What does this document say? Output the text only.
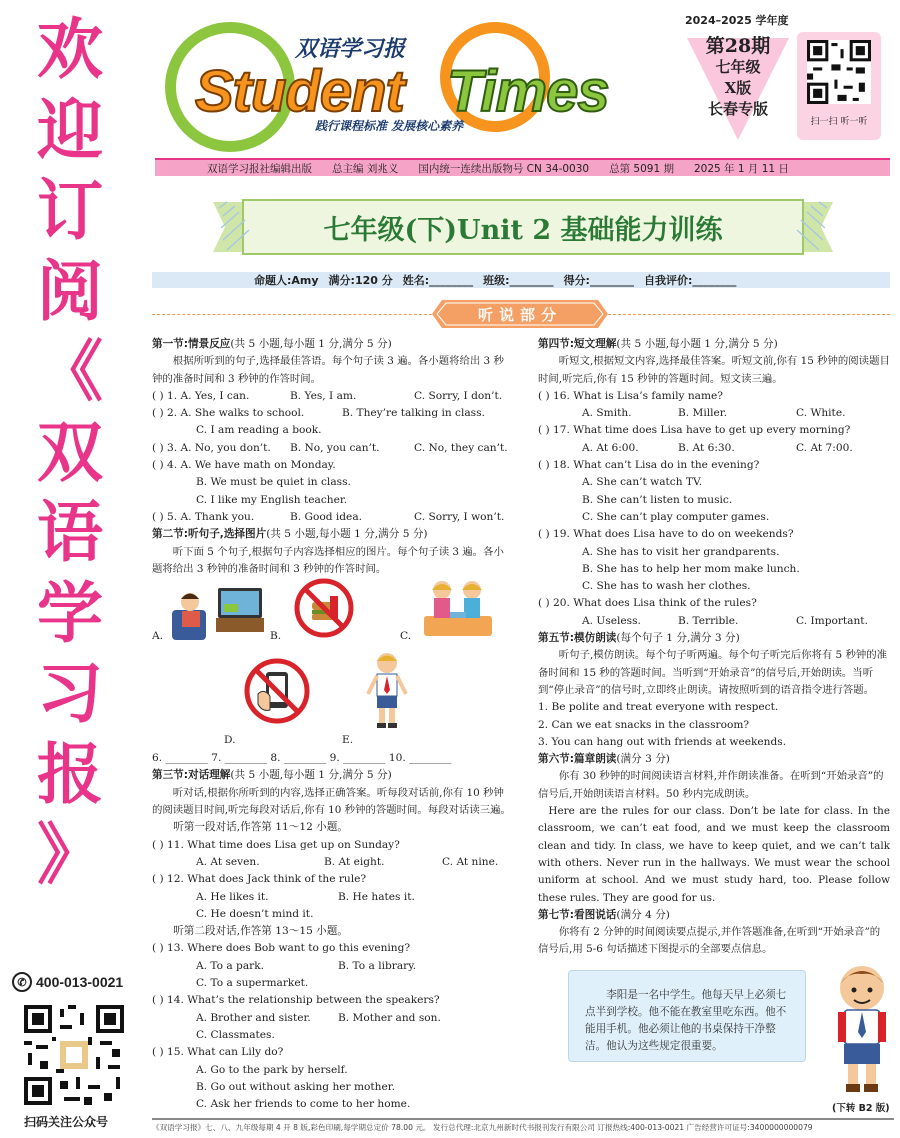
欢
迎
订
阅
《
双
语
学
习
报
》
✆ 400-013-0021
扫码关注公众号
双语学习报
Student Times
践行课程标准 发展核心素养
2024–2025 学年度
第28期
七年级
X版
长春专版
扫一扫 听一听
双语学习报社编辑出版 总主编 刘兆义 国内统一连续出版物号 CN 34-0030 总第 5091 期 2025 年 1 月 11 日
七年级(下)Unit 2 基础能力训练
命题人:Amy 满分:120 分 姓名:________ 班级:________ 得分:________ 自我评价:________
听说部分
第一节:情景反应(共 5 小题,每小题 1 分,满分 5 分)
根据所听到的句子,选择最佳答语。每个句子读 3 遍。各小题将给出 3 秒钟的准备时间和 3 秒钟的作答时间。
( ) 1. A. Yes, I can.	B. Yes, I am.	C. Sorry, I don’t.
( ) 2. A. She walks to school.	B. They’re talking in class.
C. I am reading a book.
( ) 3. A. No, you don’t. B. No, you can’t.	C. No, they can’t.
( ) 4. A. We have math on Monday.
B. We must be quiet in class.
C. I like my English teacher.
( ) 5. A. Thank you.	B. Good idea.	C. Sorry, I won’t.
第二节:听句子,选择图片(共 5 小题,每小题 1 分,满分 5 分)
听下面 5 个句子,根据句子内容选择相应的图片。每个句子读 3 遍。各小题将给出 3 秒钟的准备时间和 3 秒钟的作答时间。
A.	B.	C.
D.	E.
6. ________ 7. ________ 8. ________ 9. ________ 10. ________
第三节:对话理解(共 5 小题,每小题 1 分,满分 5 分)
听对话,根据你所听到的内容,选择正确答案。听每段对话前,你有 10 秒钟的阅读题目时间,听完每段对话后,你有 10 秒钟的答题时间。每段对话读三遍。
听第一段对话,作答第 11～12 小题。
( ) 11. What time does Lisa get up on Sunday?
A. At seven.	B. At eight.	C. At nine.
( ) 12. What does Jack think of the rule?
A. He likes it.	B. He hates it.
C. He doesn’t mind it.
听第二段对话,作答第 13～15 小题。
( ) 13. Where does Bob want to go this evening?
A. To a park.	B. To a library.
C. To a supermarket.
( ) 14. What’s the relationship between the speakers?
A. Brother and sister.	B. Mother and son.
C. Classmates.
( ) 15. What can Lily do?
A. Go to the park by herself.
B. Go out without asking her mother.
C. Ask her friends to come to her home.
第四节:短文理解(共 5 小题,每小题 1 分,满分 5 分)
听短文,根据短文内容,选择最佳答案。听短文前,你有 15 秒钟的阅读题目时间,听完后,你有 15 秒钟的答题时间。短文读三遍。
( ) 16. What is Lisa’s family name?
A. Smith.	B. Miller.	C. White.
( ) 17. What time does Lisa have to get up every morning?
A. At 6:00.	B. At 6:30.	C. At 7:00.
( ) 18. What can’t Lisa do in the evening?
A. She can’t watch TV.
B. She can’t listen to music.
C. She can’t play computer games.
( ) 19. What does Lisa have to do on weekends?
A. She has to visit her grandparents.
B. She has to help her mom make lunch.
C. She has to wash her clothes.
( ) 20. What does Lisa think of the rules?
A. Useless.	B. Terrible.	C. Important.
第五节:模仿朗读(每个句子 1 分,满分 3 分)
听句子,模仿朗读。每个句子听两遍。每个句子听完后你将有 5 秒钟的准备时间和 15 秒的答题时间。当听到“开始录音”的信号后,开始朗读。当听到“停止录音”的信号时,立即终止朗读。请按照听到的语音指令进行答题。
1. Be polite and treat everyone with respect.
2. Can we eat snacks in the classroom?
3. You can hang out with friends at weekends.
第六节:篇章朗读(满分 3 分)
你有 30 秒钟的时间阅读语言材料,并作朗读准备。在听到“开始录音”的信号后,开始朗读语言材料。50 秒内完成朗读。
Here are the rules for our class. Don’t be late for class. In the classroom, we can’t eat food, and we must keep the classroom clean and tidy. In class, we have to keep quiet, and we can’t talk with others. Never run in the hallways. We must wear the school uniform at school. And we must study hard, too. Please follow these rules. They are good for us.
第七节:看图说话(满分 4 分)
你将有 2 分钟的时间阅读要点提示,并作答题准备,在听到“开始录音”的信号后,用 5-6 句话描述下图提示的全部要点信息。
李阳是一名中学生。他每天早上必须七点半到学校。他不能在教室里吃东西。他不能用手机。他必须让他的书桌保持干净整洁。他认为这些规定很重要。
(下转 B2 版)
《双语学习报》七、八、九年级每期 4 开 8 版,彩色印刷,每学期总定价 78.00 元。 发行总代理:北京九州新时代书报刊发行有限公司 订报热线:400-013-0021 广告经营许可证号:3400000000079
